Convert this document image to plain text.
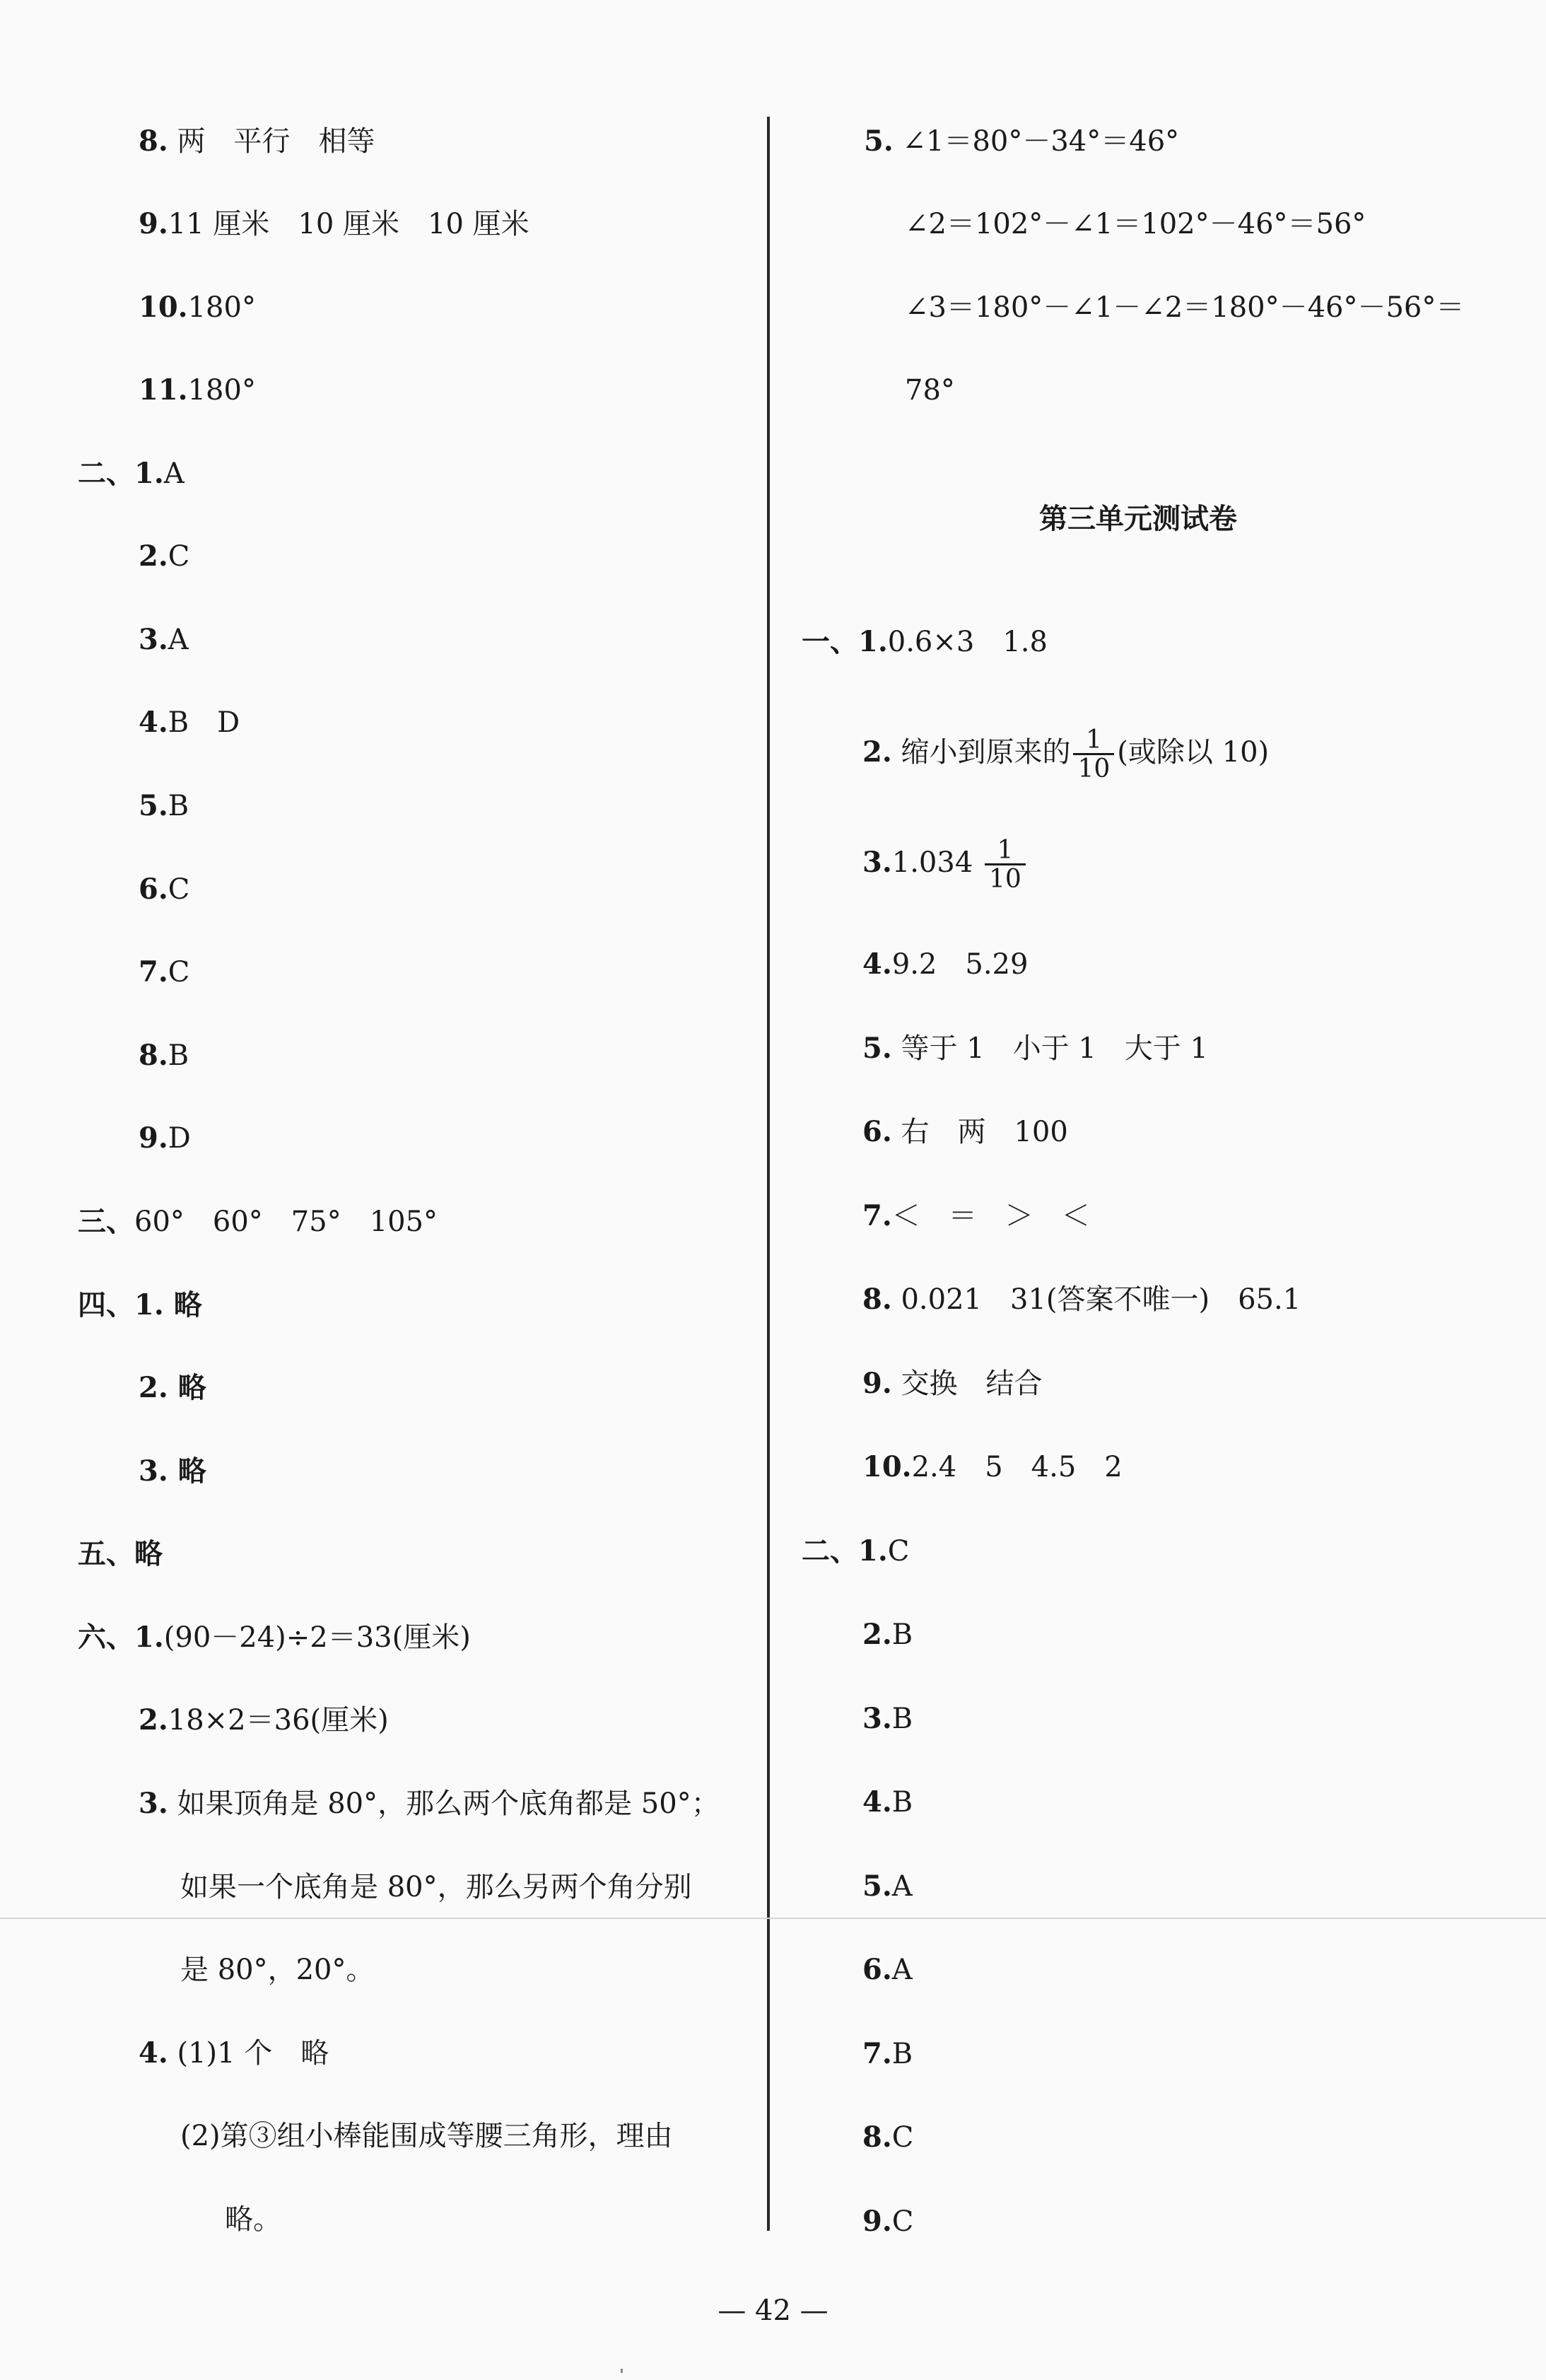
8. 两　平行　相等
9.11 厘米　10 厘米　10 厘米
10.180°
11.180°
二、1.A
2.C
3.A
4.B　D
5.B
6.C
7.C
8.B
9.D
三、60°　60°　75°　105°
四、1. 略
2. 略
3. 略
五、略
六、1.(90－24)÷2＝33(厘米)
2.18×2＝36(厘米)
3. 如果顶角是 80°，那么两个底角都是 50°；
如果一个底角是 80°，那么另两个角分别
是 80°，20°。
4. (1)1 个　略
(2)第③组小棒能围成等腰三角形，理由
略。
5. ∠1＝80°－34°＝46°
∠2＝102°－∠1＝102°－46°＝56°
∠3＝180°－∠1－∠2＝180°－46°－56°＝
78°
第三单元测试卷
一、1.0.6×3　1.8
2. 缩小到原来的 $\frac{1}{10}$ (或除以 10)
$3.1.034 \frac{1}{10}$
4.9.2　5.29
5. 等于 1　小于 1　大于 1
6. 右　两　100
7.＜　＝　＞　＜
8. 0.021　31(答案不唯一)　65.1
9. 交换　结合
10.2.4　5　4.5　2
二、1.C
2.B
3.B
4.B
5.A
6.A
7.B
8.C
9.C
— 42 —
